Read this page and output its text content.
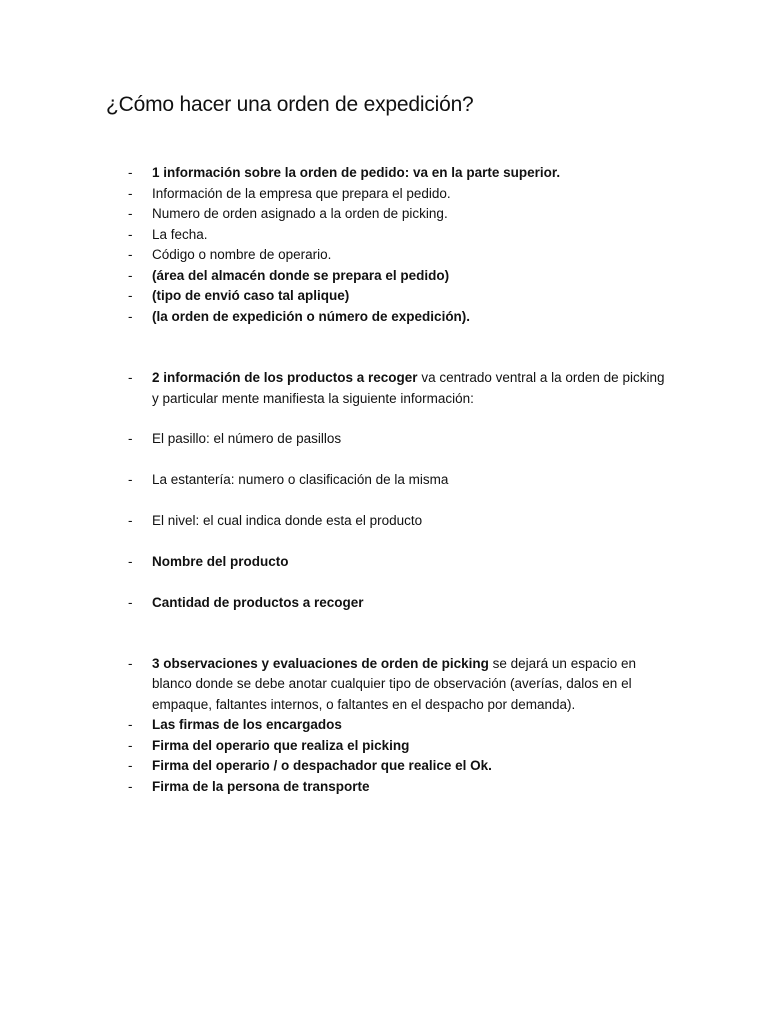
¿Cómo hacer una orden de expedición?
- 1 información sobre la orden de pedido: va en la parte superior.
- Información de la empresa que prepara el pedido.
- Numero de orden asignado a la orden de picking.
- La fecha.
- Código o nombre de operario.
- (área del almacén donde se prepara el pedido)
- (tipo de envió caso tal aplique)
- (la orden de expedición o número de expedición).
- 2 información de los productos a recoger va centrado ventral a la orden de picking y particular mente manifiesta la siguiente información:
- El pasillo: el número de pasillos
- La estantería: numero o clasificación de la misma
- El nivel: el cual indica donde esta el producto
- Nombre del producto
- Cantidad de productos a recoger
- 3 observaciones y evaluaciones de orden de picking se dejará un espacio en blanco donde se debe anotar cualquier tipo de observación (averías, dalos en el empaque, faltantes internos, o faltantes en el despacho por demanda).
- Las firmas de los encargados
- Firma del operario que realiza el picking
- Firma del operario / o despachador que realice el Ok.
- Firma de la persona de transporte
